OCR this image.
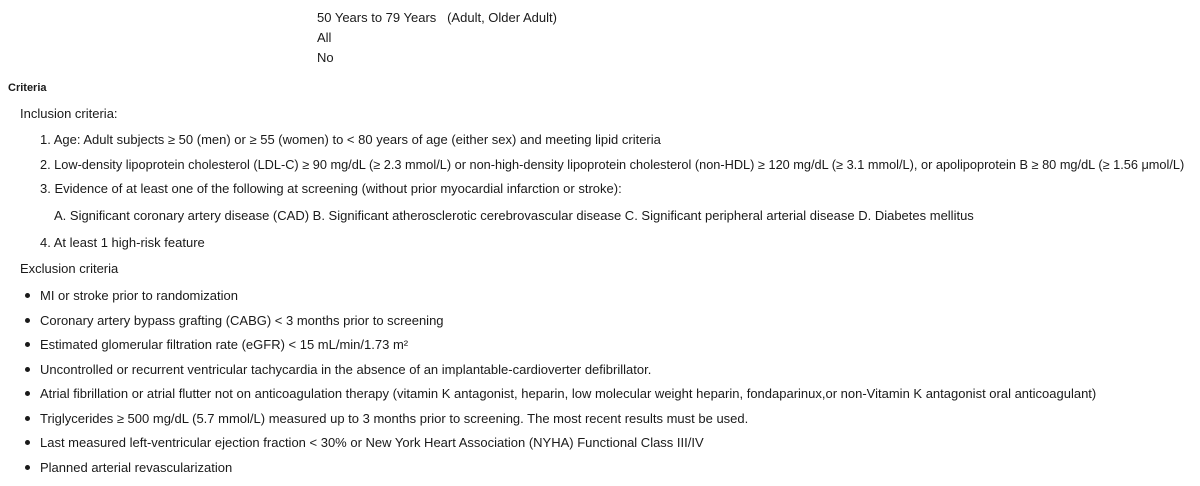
50 Years to 79 Years   (Adult, Older Adult)
All
No
Criteria
Inclusion criteria:
1. Age: Adult subjects ≥ 50 (men) or ≥ 55 (women) to ˂ 80 years of age (either sex) and meeting lipid criteria
2. Low-density lipoprotein cholesterol (LDL-C) ≥ 90 mg/dL (≥ 2.3 mmol/L) or non-high-density lipoprotein cholesterol (non-HDL) ≥ 120 mg/dL (≥ 3.1 mmol/L), or apolipoprotein B ≥ 80 mg/dL (≥ 1.56 μmol/L)
3. Evidence of at least one of the following at screening (without prior myocardial infarction or stroke):
A. Significant coronary artery disease (CAD) B. Significant atherosclerotic cerebrovascular disease C. Significant peripheral arterial disease D. Diabetes mellitus
4. At least 1 high-risk feature
Exclusion criteria
MI or stroke prior to randomization
Coronary artery bypass grafting (CABG) ˂ 3 months prior to screening
Estimated glomerular filtration rate (eGFR) ˂ 15 mL/min/1.73 m²
Uncontrolled or recurrent ventricular tachycardia in the absence of an implantable-cardioverter defibrillator.
Atrial fibrillation or atrial flutter not on anticoagulation therapy (vitamin K antagonist, heparin, low molecular weight heparin, fondaparinux,or non-Vitamin K antagonist oral anticoagulant)
Triglycerides ≥ 500 mg/dL (5.7 mmol/L) measured up to 3 months prior to screening. The most recent results must be used.
Last measured left-ventricular ejection fraction ˂ 30% or New York Heart Association (NYHA) Functional Class III/IV
Planned arterial revascularization
